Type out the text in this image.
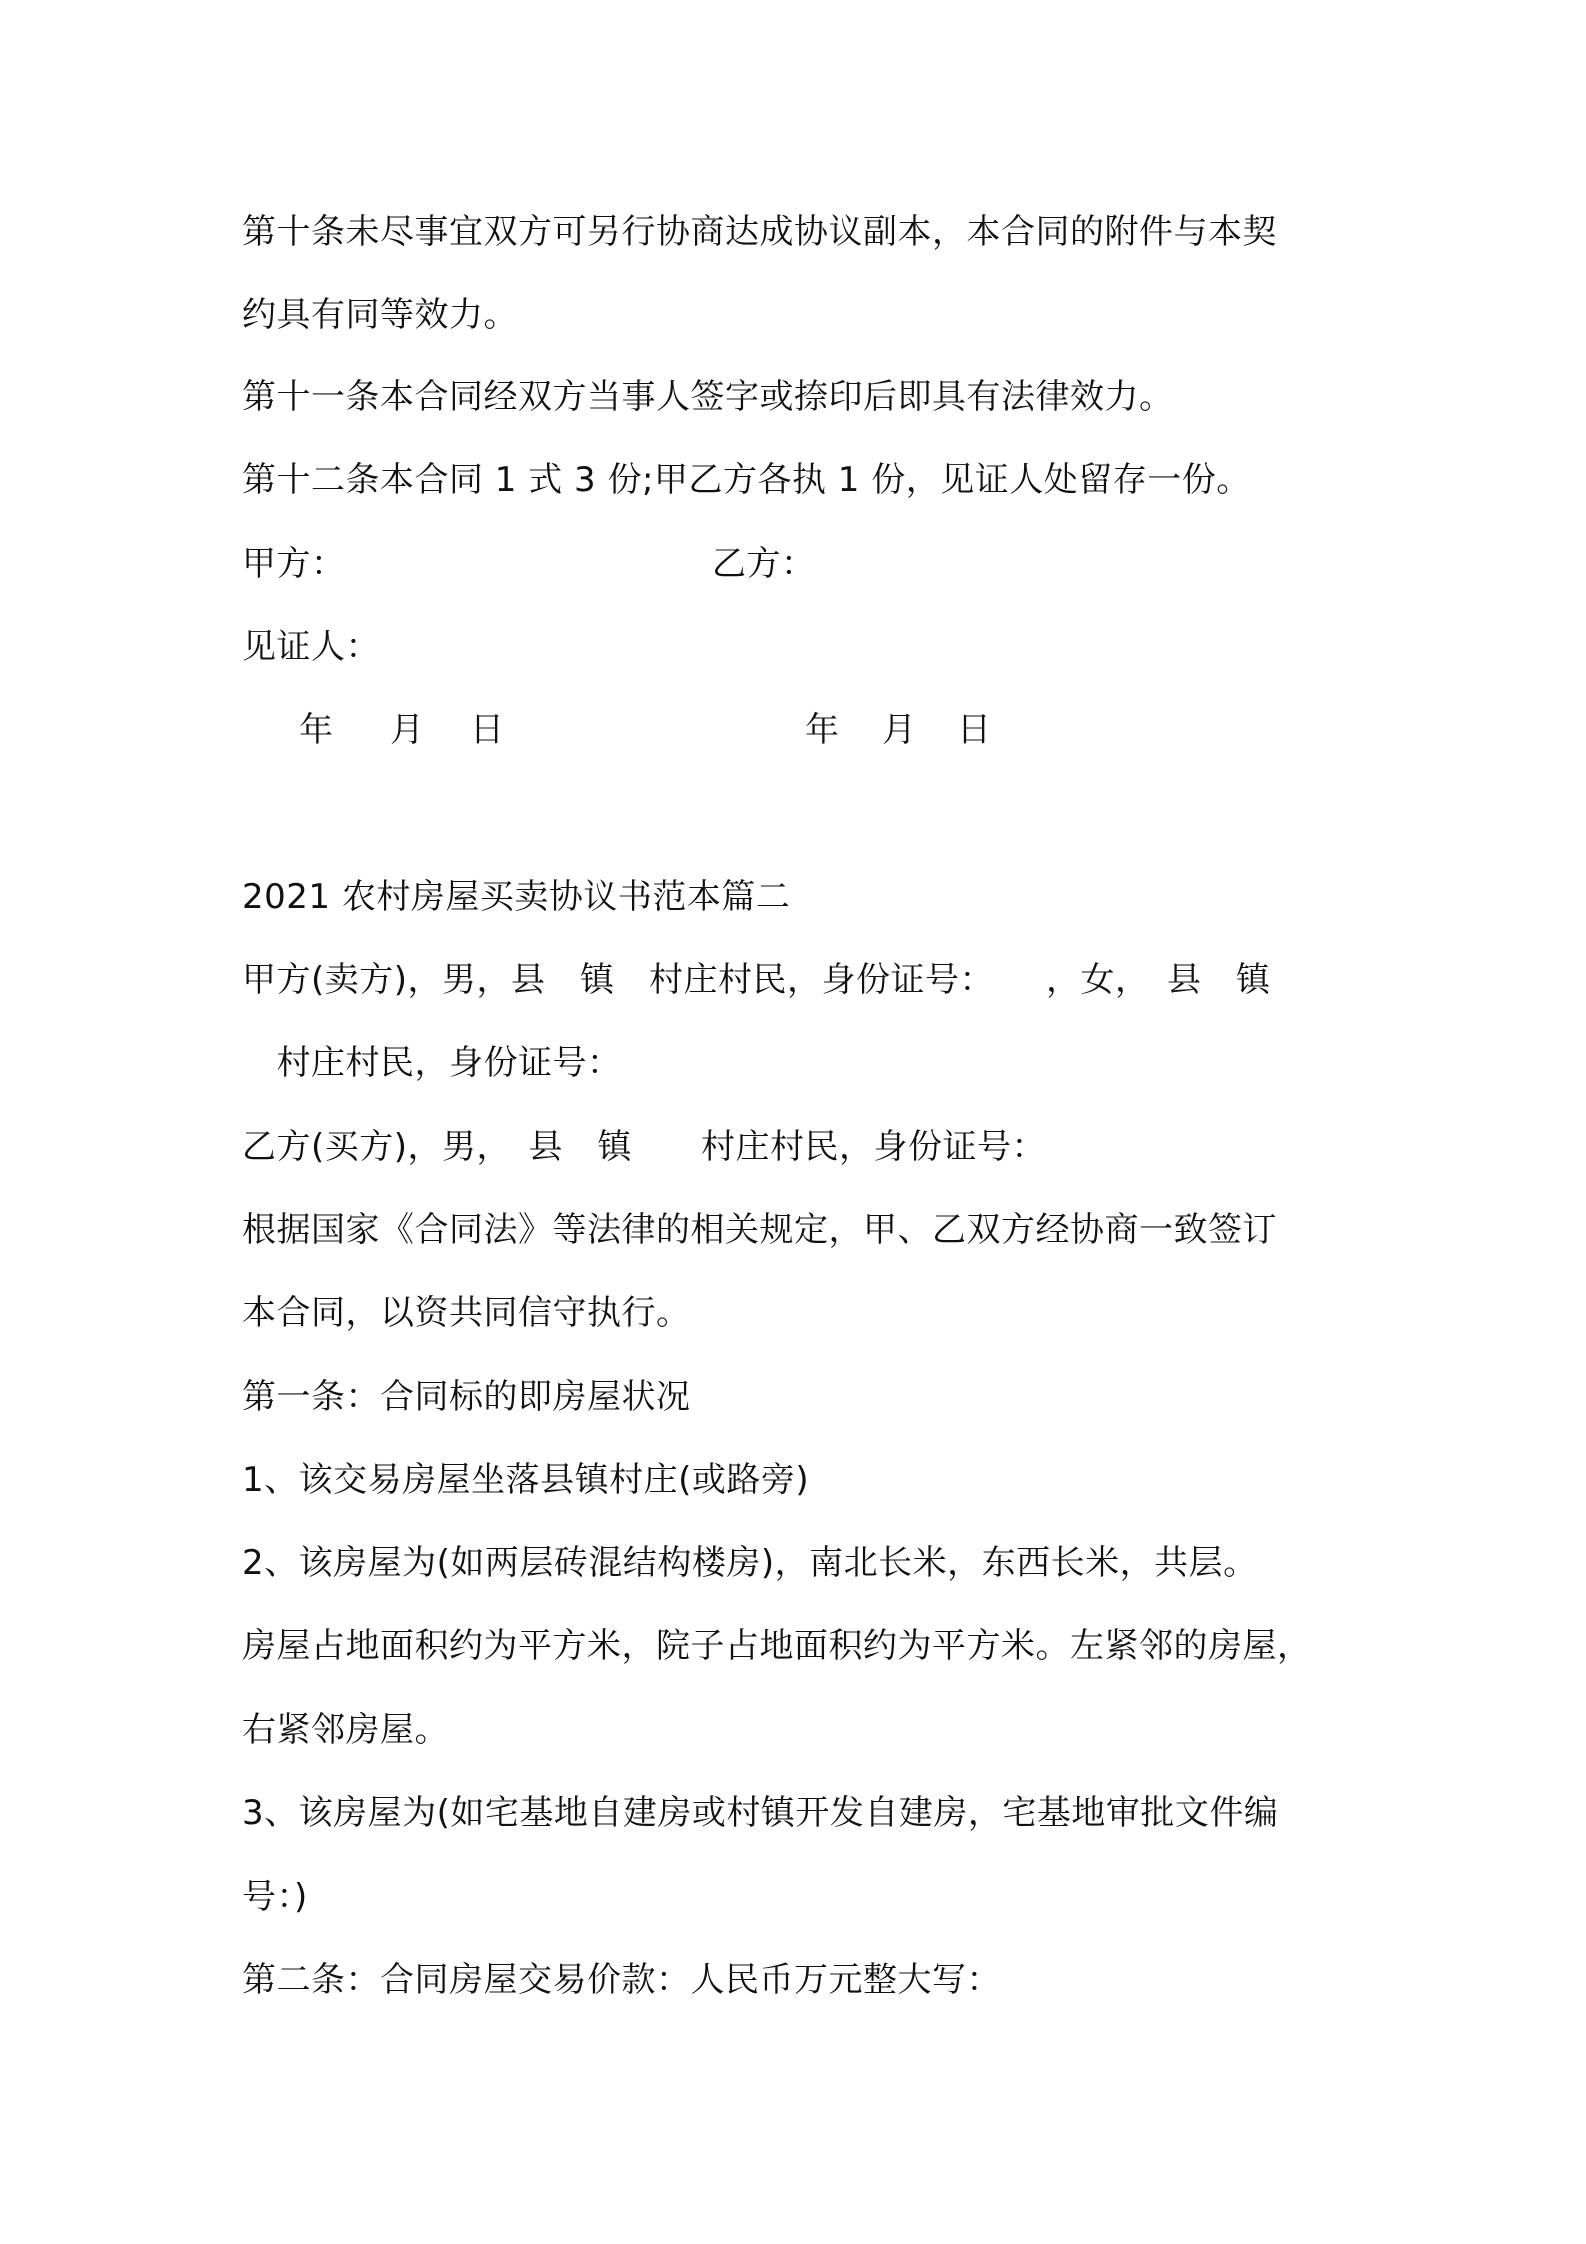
第十条未尽事宜双方可另行协商达成协议副本，本合同的附件与本契
约具有同等效力。
第十一条本合同经双方当事人签字或捺印后即具有法律效力。
第十二条本合同 1 式 3 份;甲乙方各执 1 份，见证人处留存一份。
甲方：	乙方：
见证人：
年 月 日	年 月 日
2021 农村房屋买卖协议书范本篇二
甲方(卖方)，男，县　镇　村庄村民，身份证号：　　，女，　县　镇
　村庄村民，身份证号：
乙方(买方)，男，　县　镇　　村庄村民，身份证号：
根据国家《合同法》等法律的相关规定，甲、乙双方经协商一致签订
本合同，以资共同信守执行。
第一条：合同标的即房屋状况
1、该交易房屋坐落县镇村庄(或路旁)
2、该房屋为(如两层砖混结构楼房)，南北长米，东西长米，共层。
房屋占地面积约为平方米，院子占地面积约为平方米。左紧邻的房屋，
右紧邻房屋。
3、该房屋为(如宅基地自建房或村镇开发自建房，宅基地审批文件编
号：)
第二条：合同房屋交易价款：人民币万元整大写：
